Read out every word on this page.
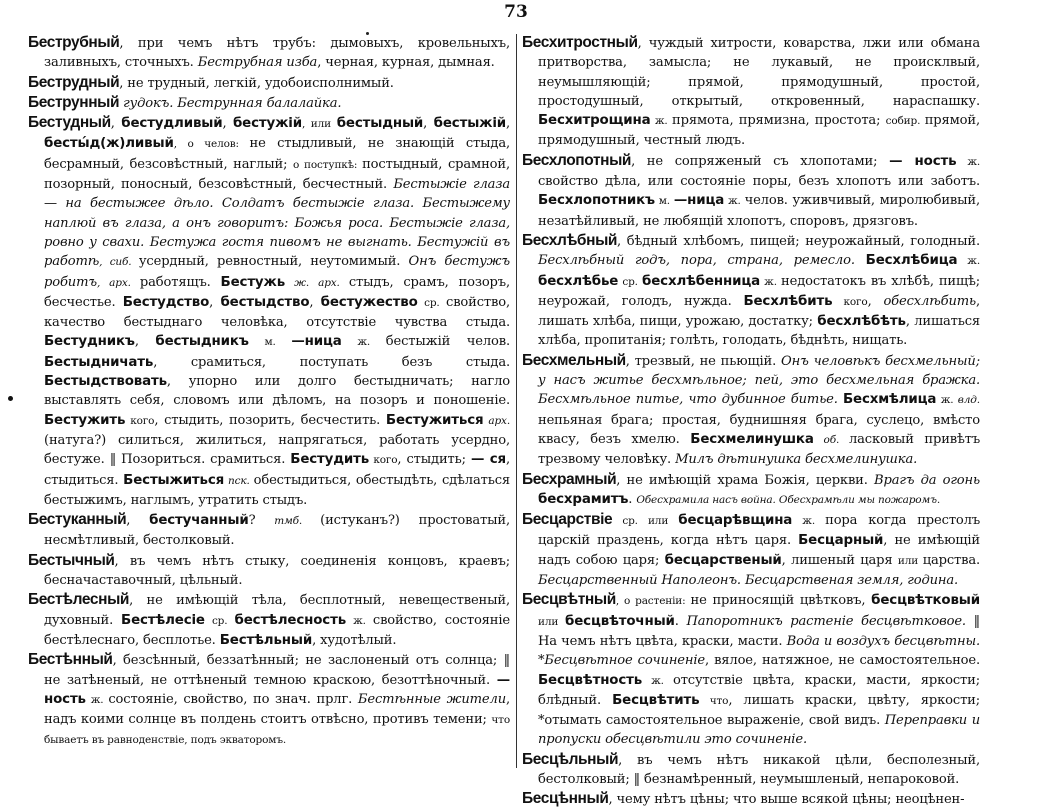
73

Беструбный, при чемъ нѣтъ трубъ: дымовыхъ, кровельныхъ, заливныхъ, сточныхъ. Беструбная изба, черная, курная, дымная.

Беструдный, не трудный, легкій, удобоисполнимый.

Беструнный гудокъ. Беструнная балалайка.

Бестудный, бестудливый, бестужій, или бестыдный, бестыжій, бесты́д(ж)ливый, о челов: не стыдливый, не знающій стыда, бесрамный, безсовѣстный, наглый; о поступкѣ: постыдный, срамной, позорный, поносный, безсовѣстный, бесчестный. Бестыжіе глаза — на бестыжее дѣло. Солдатъ бестыжіе глаза. Бестыжему наплюй въ глаза, а онъ говоритъ: Божья роса. Бестыжіе глаза, ровно у свахи. Бестужа гостя пивомъ не выгнать. Бестужій въ работѣ, сиб. усердный, ревностный, неутомимый. Онъ бестужъ робитъ, арх. работящъ. Бестужь ж. арх. стыдъ, срамъ, позоръ, бесчестье. Бестудство, бестыдство, бестужество ср. свойство, качество бестыднаго человѣка, отсутствіе чувства стыда. Бестудникъ, бестыдникъ м. —ница ж. бестыжій челов. Бестыдничать, срамиться, поступать безъ стыда. Бестыдствовать, упорно или долго бестыдничать; нагло выставлять себя, словомъ или дѣломъ, на позоръ и поношеніе. Бестужить кого, стыдить, позорить, бесчестить. Бестужиться арх. (натуга?) силиться, жилиться, напрягаться, работать усердно, бестуже. ‖ Позориться. срамиться. Бестудить кого, стыдить; — ся, стыдиться. Бестыжиться пск. обестыдиться, обестыдѣть, сдѣлаться бестыжимъ, наглымъ, утратить стыдъ.

Бестуканный, бестучанный? тмб. (истуканъ?) простоватый, несмѣтливый, бестолковый.

Бестычный, въ чемъ нѣтъ стыку, соединенія концовъ, краевъ; бесначаставочный, цѣльный.

Бестѣлесный, не имѣющій тѣла, бесплотный, невещественый, духовный. Бестѣлесіе ср. бестѣлесность ж. свойство, состояніе бестѣлеснаго, бесплотье. Бестѣльный, худотѣлый.

Бестѣнный, безсѣнный, беззатѣнный; не заслоненый отъ солнца; ‖ не затѣненый, не оттѣненый темною краскою, безоттѣночный. —ность ж. состояніе, свойство, по знач. прлг. Бестѣнные жители, надъ коими солнце въ полдень стоитъ отвѣсно, противъ темени; что бываетъ въ равноденствіе, подъ экваторомъ.

Бесхитростный, чуждый хитрости, коварства, лжи или обмана притворства, замысла; не лукавый, не происклвый, неумышляющій; прямой, прямодушный, простой, простодушный, открытый, откровенный, нараспашку. Бесхитрощина ж. прямота, прямизна, простота; собир. прямой, прямодушный, честный людъ.

Бесхлопотный, не сопряженый съ хлопотами; — ность ж. свойство дѣла, или состояніе поры, безъ хлопотъ или заботъ. Бесхлопотникъ м. —ница ж. челов. уживчивый, миролюбивый, незатѣйливый, не любящій хлопотъ, споровъ, дрязговъ.

Бесхлѣбный, бѣдный хлѣбомъ, пищей; неурожайный, голодный. Бесхлѣбный годъ, пора, страна, ремесло. Бесхлѣбица ж. бесхлѣбье ср. бесхлѣбенница ж. недостатокъ въ хлѣбѣ, пищѣ; неурожай, голодъ, нужда. Бесхлѣбить кого, обесхлѣбить, лишать хлѣба, пищи, урожаю, достатку; бесхлѣбѣть, лишаться хлѣба, пропитанія; голѣть, голодать, бѣднѣть, нищать.

Бесхмельный, трезвый, не пьющій. Онъ человѣкъ бесхмельный; у насъ житье бесхмѣльное; пей, это бесхмельная бражка. Бесхмѣльное питье, что дубинное битье. Бесхмѣлица ж. влд. непьяная брага; простая, буднишняя брага, суслецо, вмѣсто квасу, безъ хмелю. Бесхмелинушка об. ласковый привѣтъ трезвому человѣку. Милъ дѣтинушка бесхмелинушка.

Бесхрамный, не имѣющій храма Божія, церкви. Врагъ да огонь бесхрамитъ. Обесхрамила насъ война. Обесхрамѣли мы пожаромъ.

Бесцарствіе ср. или бесцарѣвщина ж. пора когда престолъ царскій праздень, когда нѣтъ царя. Бесцарный, не имѣющій надъ собою царя; бесцарственый, лишеный царя или царства. Бесцарственный Наполеонъ. Бесцарственая земля, година.

Бесцвѣтный, о растеніи: не приносящій цвѣтковъ, бесцвѣтковый или бесцвѣточный. Папоротникъ растеніе бесцвѣтковое. ‖ На чемъ нѣтъ цвѣта, краски, масти. Вода и воздухъ бесцвѣтны. *Бесцвѣтное сочиненіе, вялое, натяжное, не самостоятельное. Бесцвѣтность ж. отсутствіе цвѣта, краски, масти, яркости; блѣдный. Бесцвѣтить что, лишать краски, цвѣту, яркости; *отымать самостоятельное выраженіе, свой видъ. Переправки и пропуски обесцвѣтили это сочиненіе.

Бесцѣльный, въ чемъ нѣтъ никакой цѣли, бесполезный, бестолковый; ‖ безнамѣренный, неумышленый, непароковой.

Бесцѣнный, чему нѣтъ цѣны; что выше всякой цѣны; неоцѣнен-
